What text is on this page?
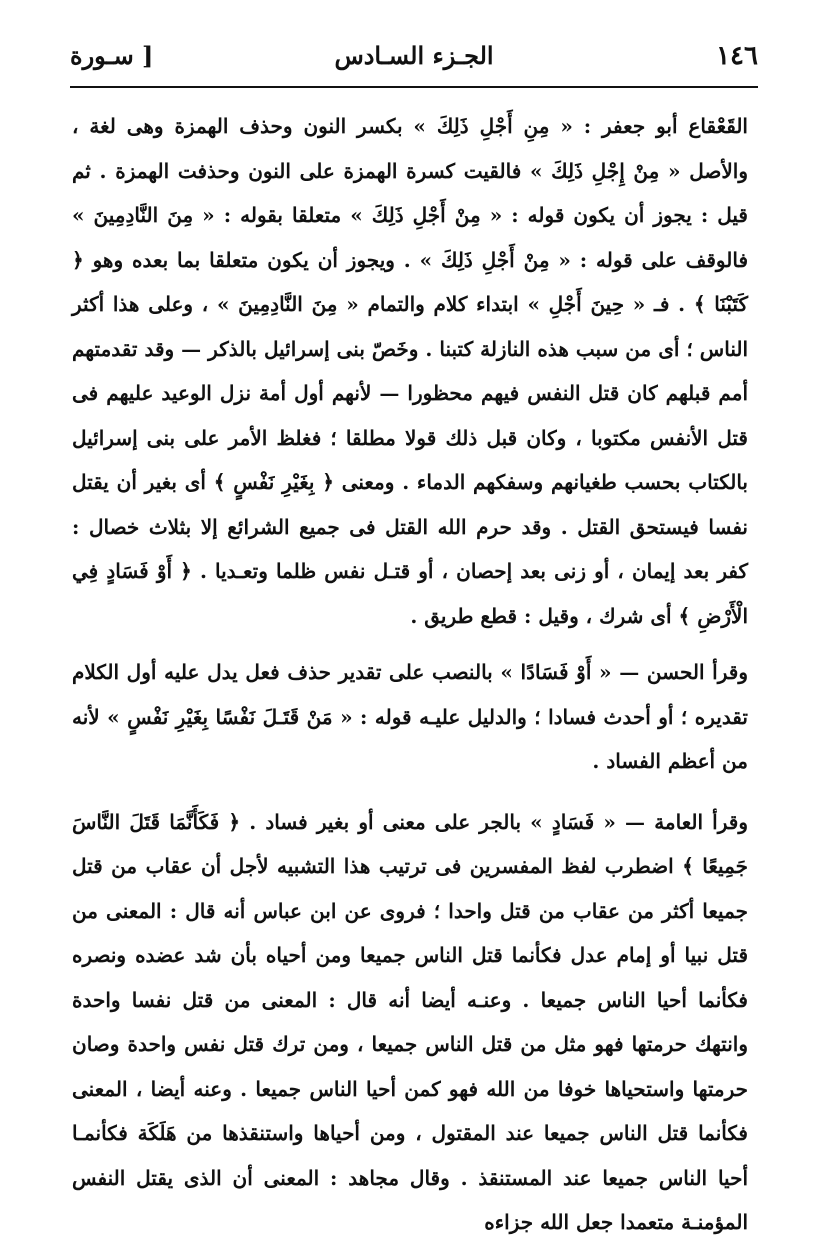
١٤٦
الجـزء السـادس
[ سـورة

القَعْقاع أبو جعفر : « مِنِ أَجْلِ ذَلِكَ » بكسر النون وحذف الهمزة وهى لغة ، والأصل « مِنْ إِجْلِ ذَلِكَ » فالقيت كسرة الهمزة على النون وحذفت الهمزة . ثم قيل : يجوز أن يكون قوله : « مِنْ أَجْلِ ذَلِكَ » متعلقا بقوله : « مِنَ النَّادِمِينَ » فالوقف على قوله : « مِنْ أَجْلِ ذَلِكَ » . ويجوز أن يكون متعلقا بما بعده وهو ﴿ كَتَبْنَا ﴾ . فـ « حِينَ أَجْلِ » ابتداء كلام والتمام « مِنَ النَّادِمِينَ » ، وعلى هذا أكثر الناس ؛ أى من سبب هذه النازلة كتبنا . وخَصّ بنى إسرائيل بالذكر — وقد تقدمتهم أمم قبلهم كان قتل النفس فيهم محظورا — لأنهم أول أمة نزل الوعيد عليهم فى قتل الأنفس مكتوبا ، وكان قبل ذلك قولا مطلقا ؛ فغلظ الأمر على بنى إسرائيل بالكتاب بحسب طغيانهم وسفكهم الدماء . ومعنى ﴿ بِغَيْرِ نَفْسٍ ﴾ أى بغير أن يقتل نفسا فيستحق القتل . وقد حرم الله القتل فى جميع الشرائع إلا بثلاث خصال : كفر بعد إيمان ، أو زنى بعد إحصان ، أو قتـل نفس ظلما وتعـديا . ﴿ أَوْ فَسَادٍ فِي الْأَرْضِ ﴾ أى شرك ، وقيل : قطع طريق .

وقرأ الحسن — « أَوْ فَسَادًا » بالنصب على تقدير حذف فعل يدل عليه أول الكلام تقديره ؛ أو أحدث فسادا ؛ والدليل عليـه قوله : « مَنْ قَتَـلَ نَفْسًا بِغَيْرِ نَفْسٍ » لأنه من أعظم الفساد .

وقرأ العامة — « فَسَادٍ » بالجر على معنى أو بغير فساد . ﴿ فَكَأَنَّمَا قَتَلَ النَّاسَ جَمِيعًا ﴾ اضطرب لفظ المفسرين فى ترتيب هذا التشبيه لأجل أن عقاب من قتل جميعا أكثر من عقاب من قتل واحدا ؛ فروى عن ابن عباس أنه قال : المعنى من قتل نبيا أو إمام عدل فكأنما قتل الناس جميعا ومن أحياه بأن شد عضده ونصره فكأنما أحيا الناس جميعا . وعنـه أيضا أنه قال : المعنى من قتل نفسا واحدة وانتهك حرمتها فهو مثل من قتل الناس جميعا ، ومن ترك قتل نفس واحدة وصان حرمتها واستحياها خوفا من الله فهو كمن أحيا الناس جميعا . وعنه أيضا ، المعنى فكأنما قتل الناس جميعا عند المقتول ، ومن أحياها واستنقذها من هَلَكَة فكأنمـا أحيا الناس جميعا عند المستنقذ . وقال مجاهد : المعنى أن الذى يقتل النفس المؤمنـة متعمدا جعل الله جزاءه
